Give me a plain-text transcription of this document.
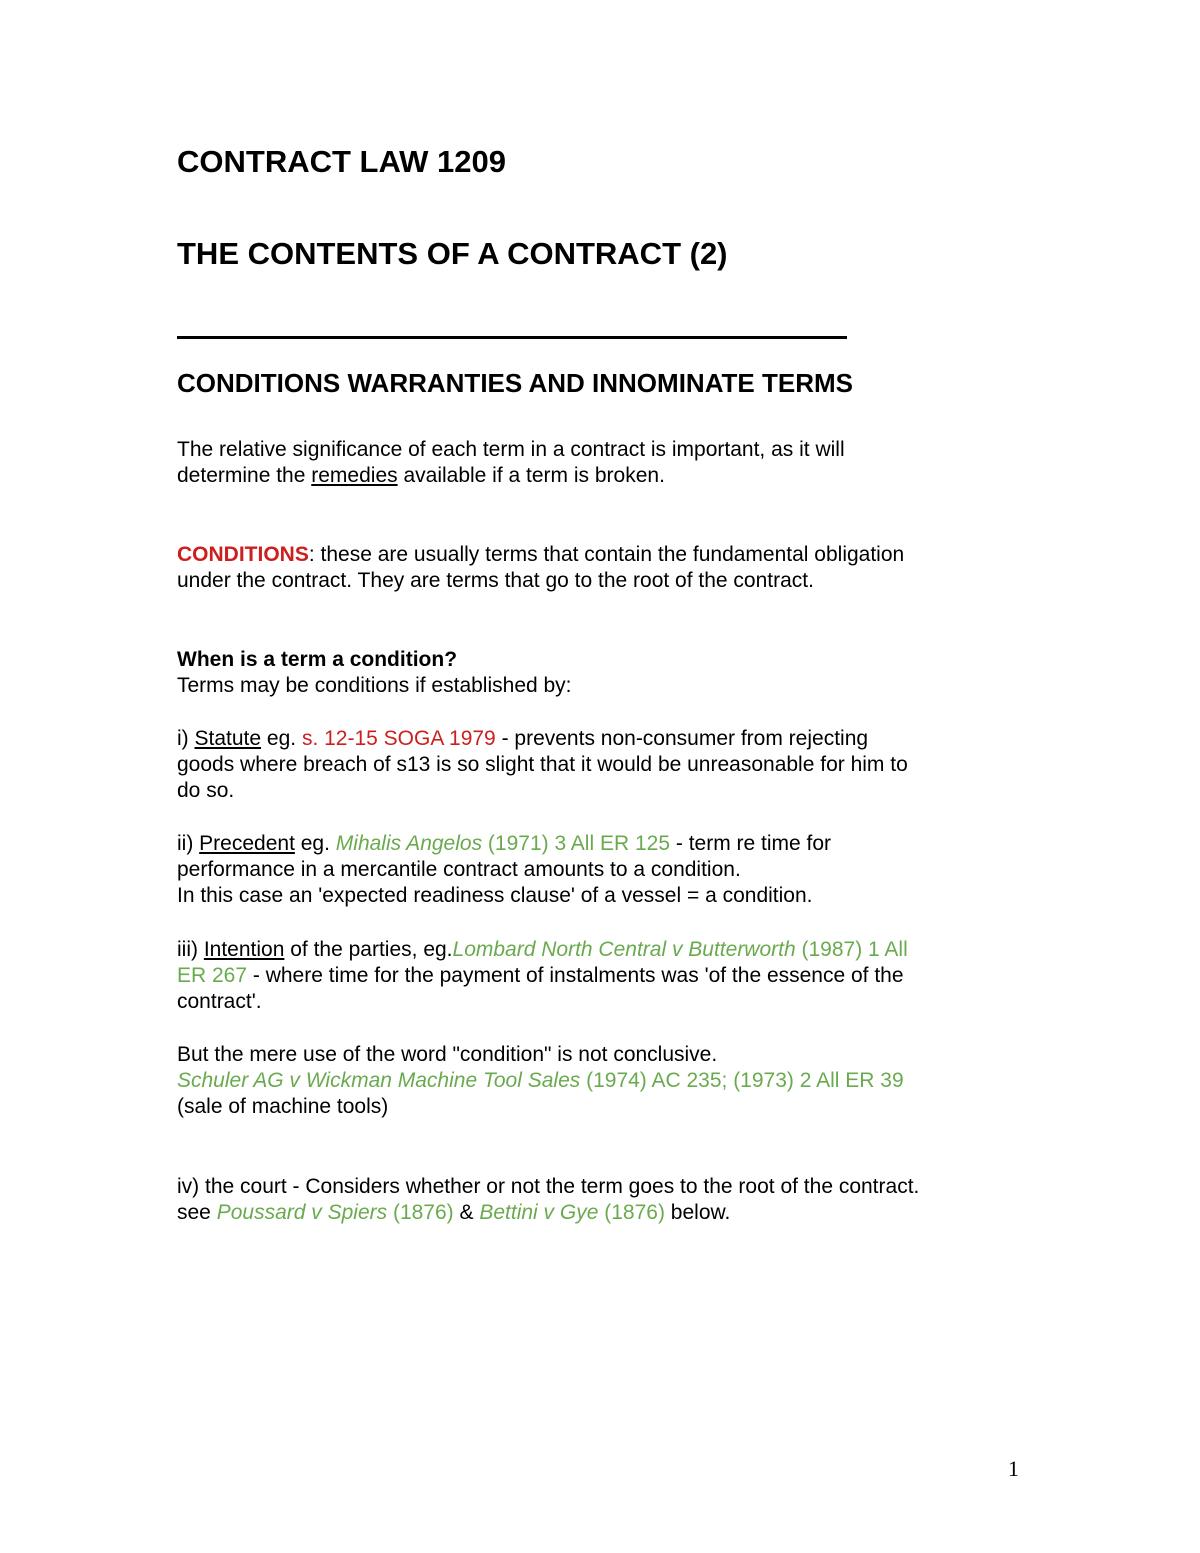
CONTRACT LAW 1209
THE CONTENTS OF A CONTRACT (2)
CONDITIONS WARRANTIES AND INNOMINATE TERMS
The relative significance of each term in a contract is important, as it will
determine the remedies available if a term is broken.
CONDITIONS: these are usually terms that contain the fundamental obligation
under the contract. They are terms that go to the root of the contract.
When is a term a condition?
Terms may be conditions if established by:
i) Statute eg. s. 12-15 SOGA 1979 - prevents non-consumer from rejecting
goods where breach of s13 is so slight that it would be unreasonable for him to
do so.
ii) Precedent eg. Mihalis Angelos (1971) 3 All ER 125 - term re time for
performance in a mercantile contract amounts to a condition.
In this case an 'expected readiness clause' of a vessel = a condition.
iii) Intention of the parties, eg.Lombard North Central v Butterworth (1987) 1 All
ER 267 - where time for the payment of instalments was 'of the essence of the
contract'.
But the mere use of the word "condition" is not conclusive.
Schuler AG v Wickman Machine Tool Sales (1974) AC 235; (1973) 2 All ER 39
(sale of machine tools)
iv) the court - Considers whether or not the term goes to the root of the contract.
see Poussard v Spiers (1876) & Bettini v Gye (1876) below.
1
